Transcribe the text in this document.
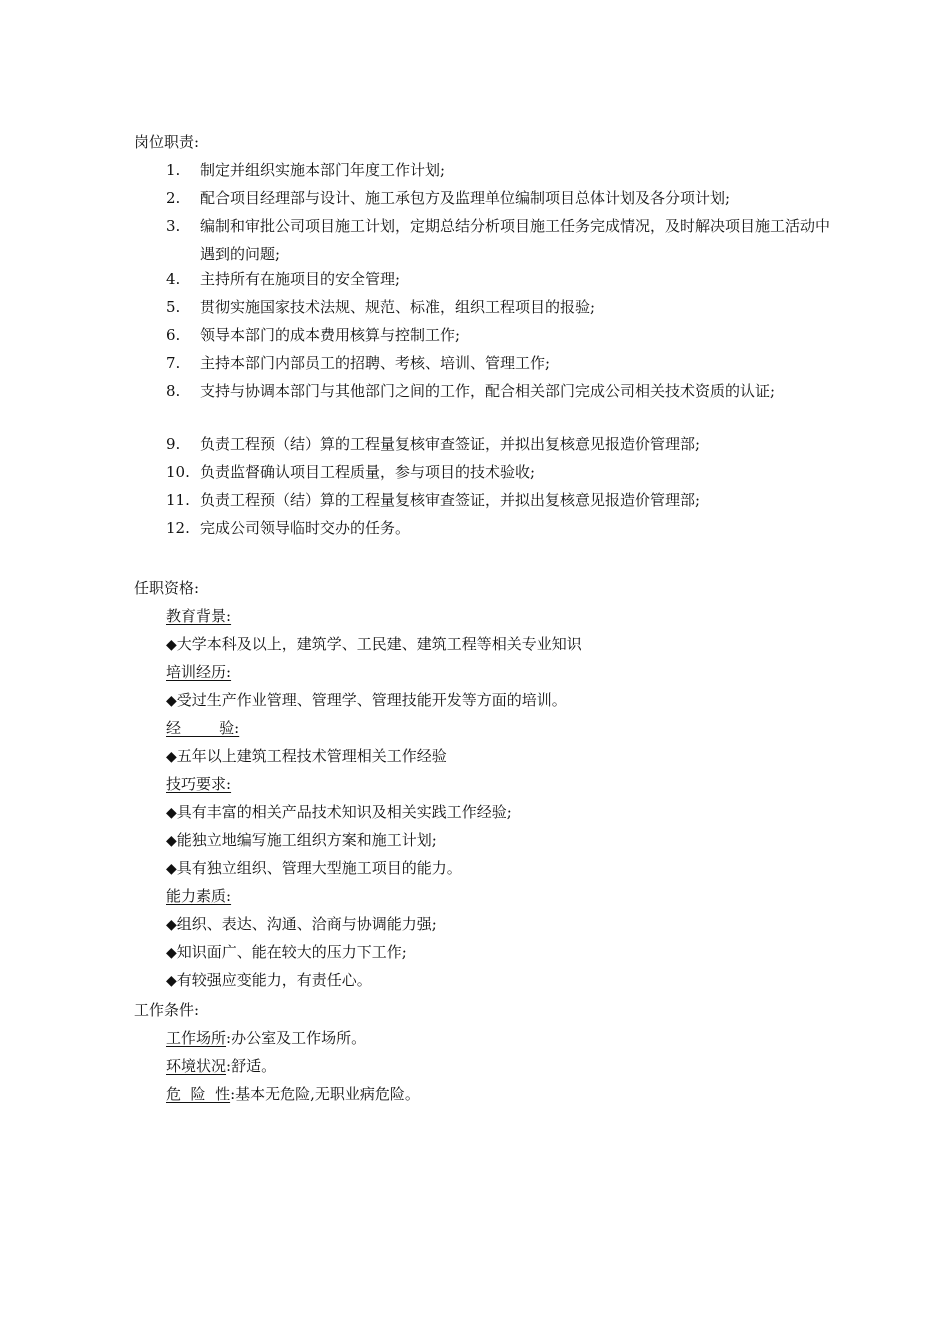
岗位职责:
1. 制定并组织实施本部门年度工作计划;
2. 配合项目经理部与设计、施工承包方及监理单位编制项目总体计划及各分项计划;
3. 编制和审批公司项目施工计划，定期总结分析项目施工任务完成情况，及时解决项目施工活动中遇到的问题;
4. 主持所有在施项目的安全管理;
5. 贯彻实施国家技术法规、规范、标准，组织工程项目的报验;
6. 领导本部门的成本费用核算与控制工作;
7. 主持本部门内部员工的招聘、考核、培训、管理工作;
8. 支持与协调本部门与其他部门之间的工作，配合相关部门完成公司相关技术资质的认证;
9. 负责工程预（结）算的工程量复核审查签证，并拟出复核意见报造价管理部;
10. 负责监督确认项目工程质量，参与项目的技术验收;
11. 负责工程预（结）算的工程量复核审查签证，并拟出复核意见报造价管理部;
12. 完成公司领导临时交办的任务。
任职资格:
教育背景:
◆大学本科及以上，建筑学、工民建、建筑工程等相关专业知识
培训经历:
◆受过生产作业管理、管理学、管理技能开发等方面的培训。
经        验:
◆五年以上建筑工程技术管理相关工作经验
技巧要求:
◆具有丰富的相关产品技术知识及相关实践工作经验;
◆能独立地编写施工组织方案和施工计划;
◆具有独立组织、管理大型施工项目的能力。
能力素质:
◆组织、表达、沟通、洽商与协调能力强;
◆知识面广、能在较大的压力下工作;
◆有较强应变能力，有责任心。
工作条件:
工作场所:办公室及工作场所。
环境状况:舒适。
危  险  性:基本无危险,无职业病危险。
